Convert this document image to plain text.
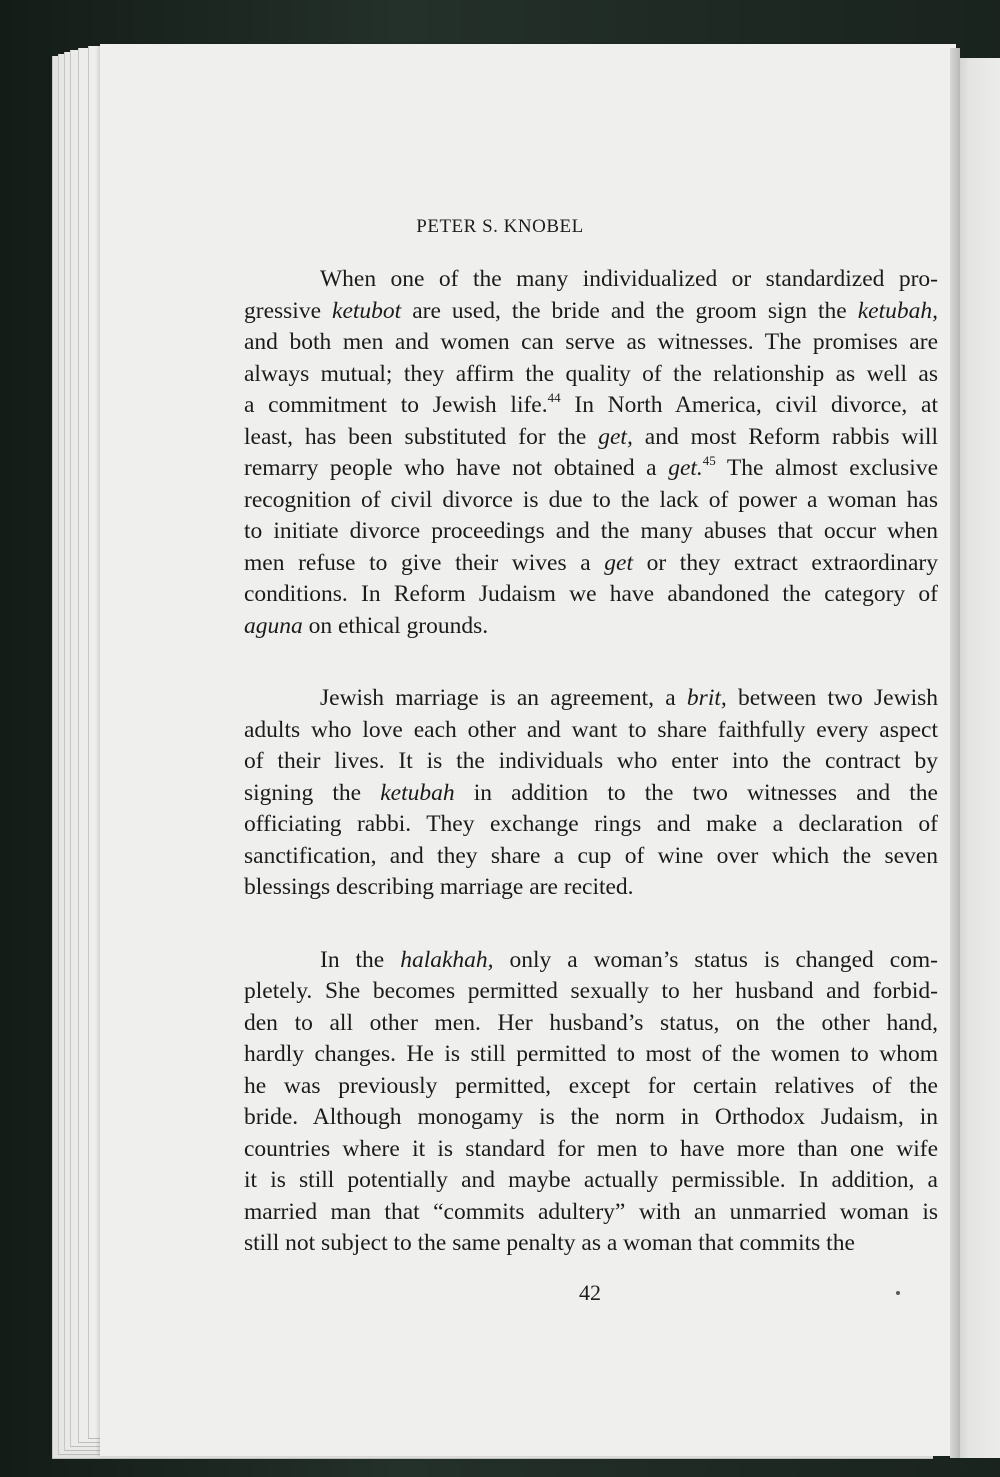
PETER S. KNOBEL
When one of the many individualized or standardized pro-
gressive ketubot are used, the bride and the groom sign the ketubah,
and both men and women can serve as witnesses. The promises are
always mutual; they affirm the quality of the relationship as well as
a commitment to Jewish life.$^{44}$ In North America, civil divorce, at
least, has been substituted for the get, and most Reform rabbis will
remarry people who have not obtained a get.$^{45}$ The almost exclusive
recognition of civil divorce is due to the lack of power a woman has
to initiate divorce proceedings and the many abuses that occur when
men refuse to give their wives a get or they extract extraordinary
conditions. In Reform Judaism we have abandoned the category of
aguna on ethical grounds.
Jewish marriage is an agreement, a brit, between two Jewish
adults who love each other and want to share faithfully every aspect
of their lives. It is the individuals who enter into the contract by
signing the ketubah in addition to the two witnesses and the
officiating rabbi. They exchange rings and make a declaration of
sanctification, and they share a cup of wine over which the seven
blessings describing marriage are recited.
In the halakhah, only a woman’s status is changed com-
pletely. She becomes permitted sexually to her husband and forbid-
den to all other men. Her husband’s status, on the other hand,
hardly changes. He is still permitted to most of the women to whom
he was previously permitted, except for certain relatives of the
bride. Although monogamy is the norm in Orthodox Judaism, in
countries where it is standard for men to have more than one wife
it is still potentially and maybe actually permissible. In addition, a
married man that “commits adultery” with an unmarried woman is
still not subject to the same penalty as a woman that commits the
42
